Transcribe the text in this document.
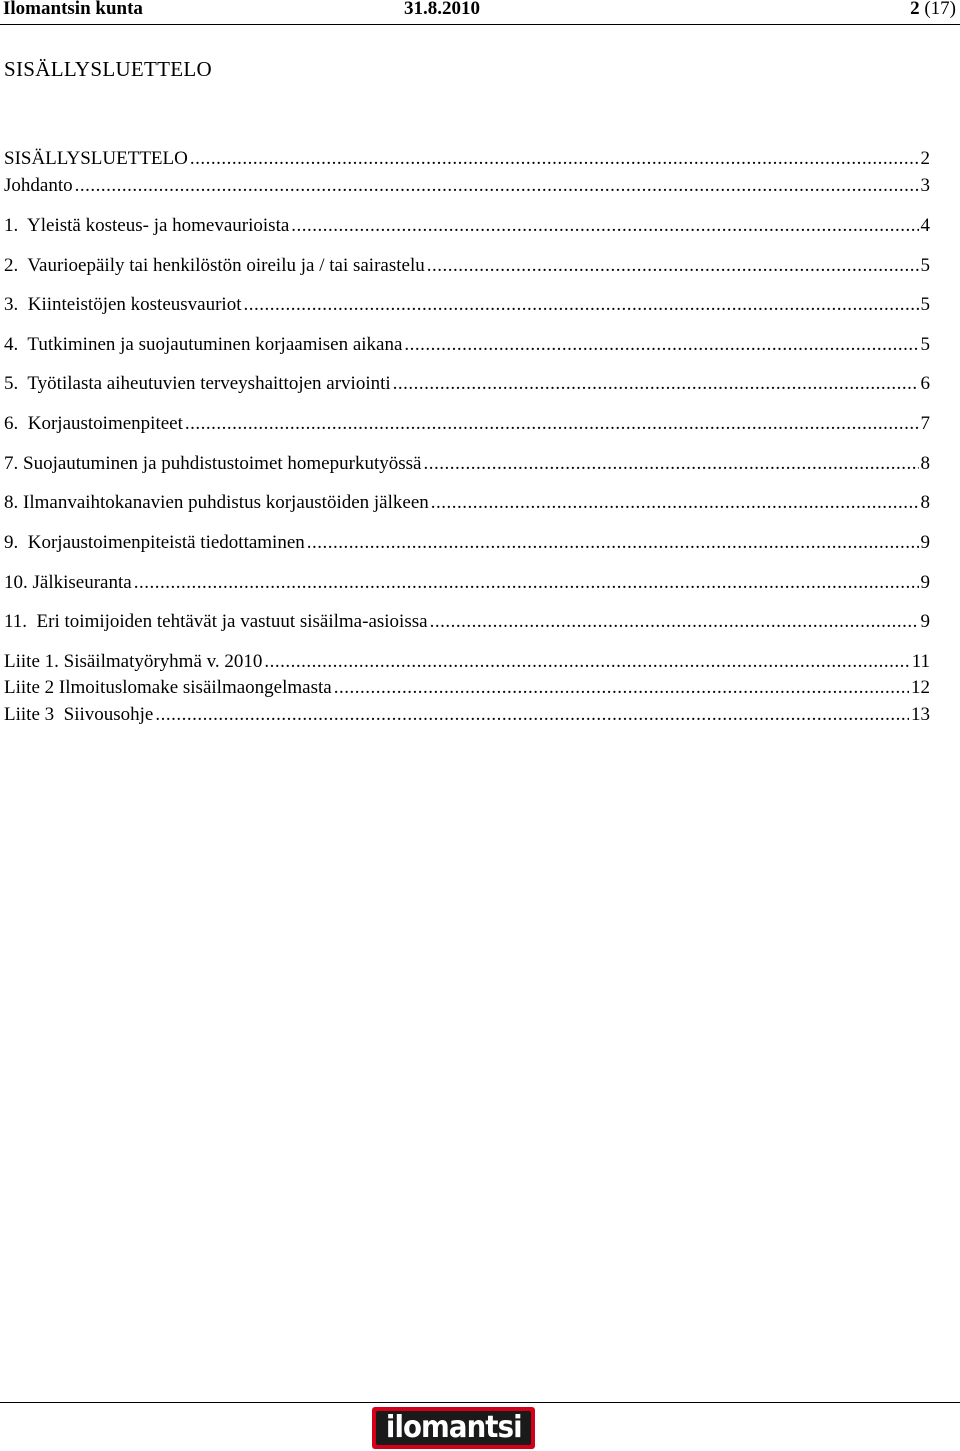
Ilomantsin kunta	31.8.2010	2 (17)
SISÄLLYSLUETTELO
SISÄLLYSLUETTELO .....	2
Johdanto .....	3
1.  Yleistä kosteus- ja homevaurioista .....	4
2.  Vaurioepäily tai henkilöstön oireilu ja / tai sairastelu .....	5
3.  Kiinteistöjen kosteusvauriot .....	5
4.  Tutkiminen ja suojautuminen korjaamisen aikana .....	5
5.  Työtilasta aiheutuvien terveyshaittojen arviointi .....	6
6.  Korjaustoimenpiteet .....	7
7. Suojautuminen ja puhdistustoimet homepurkutyössä .....	8
8. Ilmanvaihtokanavien puhdistus korjaustöiden jälkeen .....	8
9.  Korjaustoimenpiteistä tiedottaminen .....	9
10. Jälkiseuranta .....	9
11.  Eri toimijoiden tehtävät ja vastuut sisäilma-asioissa .....	9
Liite 1. Sisäilmatyöryhmä v. 2010 .....	11
Liite 2 Ilmoituslomake sisäilmaongelmasta .....	12
Liite 3  Siivousohje .....	13
ilomantsi
